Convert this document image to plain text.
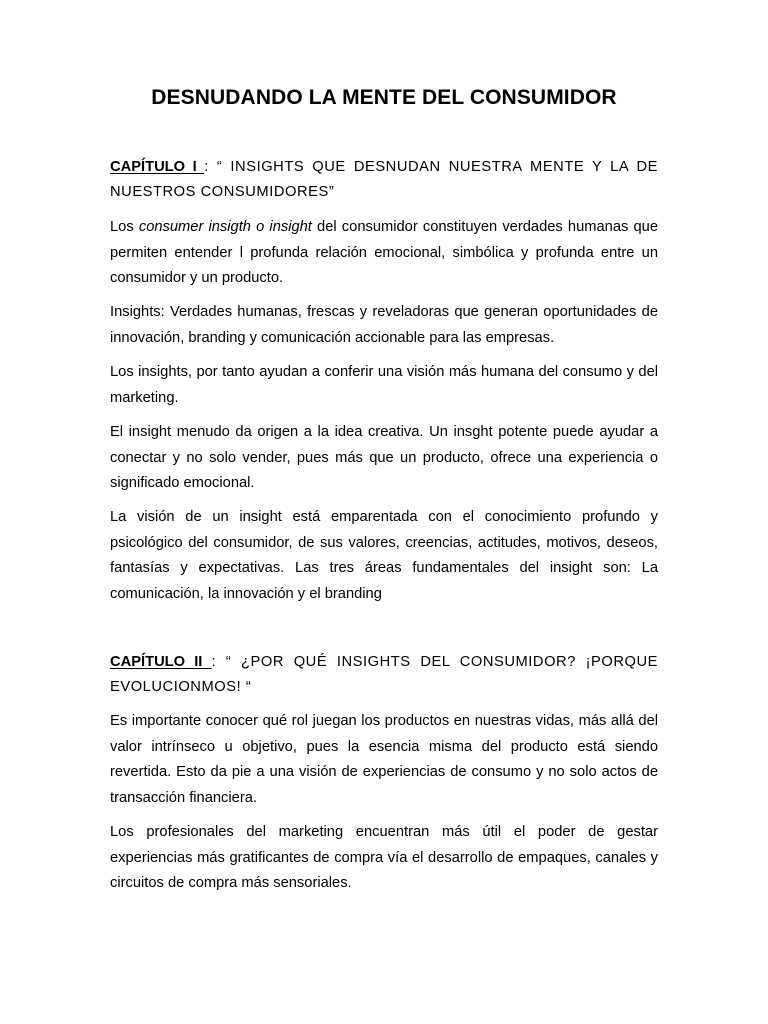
DESNUDANDO LA MENTE DEL CONSUMIDOR

CAPÍTULO I : “ INSIGHTS QUE DESNUDAN NUESTRA MENTE Y LA DE NUESTROS CONSUMIDORES”

Los consumer insigth o insight del consumidor constituyen verdades humanas que permiten entender l profunda relación emocional, simbólica y profunda entre un consumidor y un producto.

Insights: Verdades humanas, frescas y reveladoras que generan oportunidades de innovación, branding y comunicación accionable para las empresas.

Los insights, por tanto ayudan a conferir una visión más humana del consumo y del marketing.

El insight menudo da origen a la idea creativa. Un insght potente puede ayudar a conectar y no solo vender, pues más que un producto, ofrece una experiencia o significado emocional.

La visión de un insight está emparentada con el conocimiento profundo y psicológico del consumidor, de sus valores, creencias, actitudes, motivos, deseos, fantasías y expectativas. Las tres áreas fundamentales del insight son: La comunicación, la innovación y el branding

CAPÍTULO II : “ ¿POR QUÉ INSIGHTS DEL CONSUMIDOR? ¡PORQUE EVOLUCIONMOS! “

Es importante conocer qué rol juegan los productos en nuestras vidas, más allá del valor intrínseco u objetivo, pues la esencia misma del producto está siendo revertida. Esto da pie a una visión de experiencias de consumo y no solo actos de transacción financiera.

Los profesionales del marketing encuentran más útil el poder de gestar experiencias más gratificantes de compra vía el desarrollo de empaques, canales y circuitos de compra más sensoriales.
